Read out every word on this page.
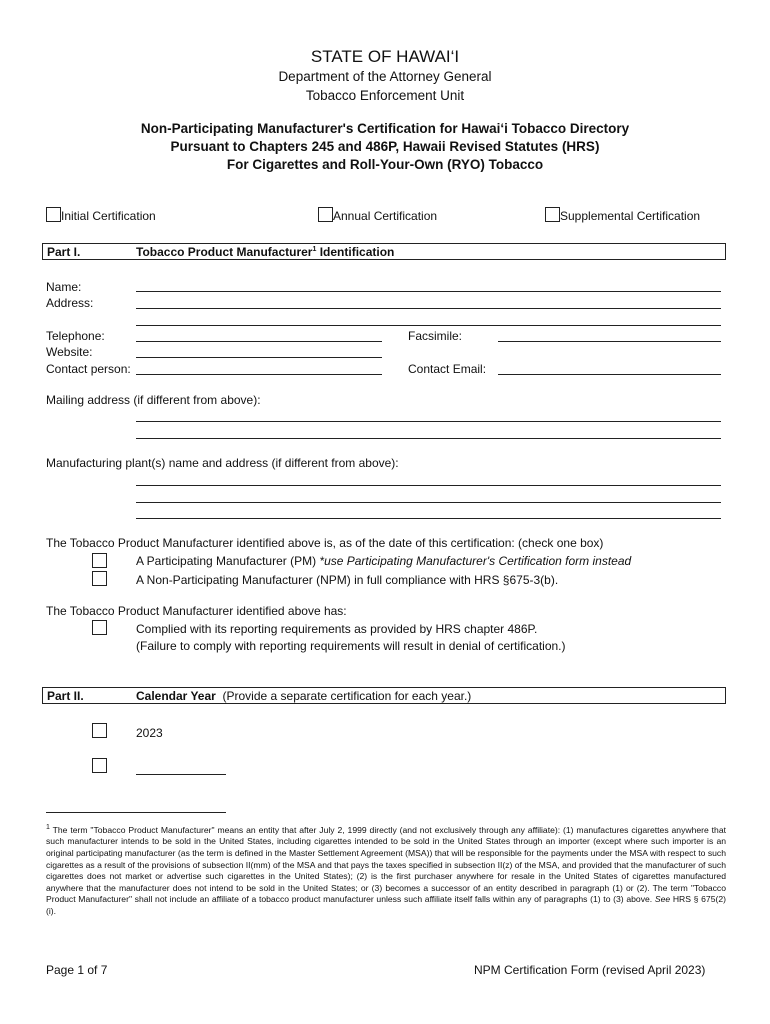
STATE OF HAWAI‘I
Department of the Attorney General
Tobacco Enforcement Unit
Non-Participating Manufacturer's Certification for Hawai‘i Tobacco Directory
Pursuant to Chapters 245 and 486P, Hawaii Revised Statutes (HRS)
For Cigarettes and Roll-Your-Own (RYO) Tobacco
Initial Certification	Annual Certification	Supplemental Certification
Part I.	Tobacco Product Manufacturer$^1$ Identification
Name:
Address:
Telephone:	Facsimile:
Website:
Contact person:	Contact Email:
Mailing address (if different from above):
Manufacturing plant(s) name and address (if different from above):
The Tobacco Product Manufacturer identified above is, as of the date of this certification: (check one box)
A Participating Manufacturer (PM) *use Participating Manufacturer's Certification form instead
A Non-Participating Manufacturer (NPM) in full compliance with HRS §675-3(b).
The Tobacco Product Manufacturer identified above has:
Complied with its reporting requirements as provided by HRS chapter 486P.
(Failure to comply with reporting requirements will result in denial of certification.)
Part II.	Calendar Year (Provide a separate certification for each year.)
2023
$^1$ The term "Tobacco Product Manufacturer" means an entity that after July 2, 1999 directly (and not exclusively through any affiliate): (1) manufactures cigarettes anywhere that such manufacturer intends to be sold in the United States, including cigarettes intended to be sold in the United States through an importer (except where such importer is an original participating manufacturer (as the term is defined in the Master Settlement Agreement (MSA)) that will be responsible for the payments under the MSA with respect to such cigarettes as a result of the provisions of subsection II(mm) of the MSA and that pays the taxes specified in subsection II(z) of the MSA, and provided that the manufacturer of such cigarettes does not market or advertise such cigarettes in the United States); (2) is the first purchaser anywhere for resale in the United States of cigarettes manufactured anywhere that the manufacturer does not intend to be sold in the United States; or (3) becomes a successor of an entity described in paragraph (1) or (2). The term "Tobacco Product Manufacturer" shall not include an affiliate of a tobacco product manufacturer unless such affiliate itself falls within any of paragraphs (1) to (3) above. See HRS § 675(2)(i).
Page 1 of 7	NPM Certification Form (revised April 2023)
